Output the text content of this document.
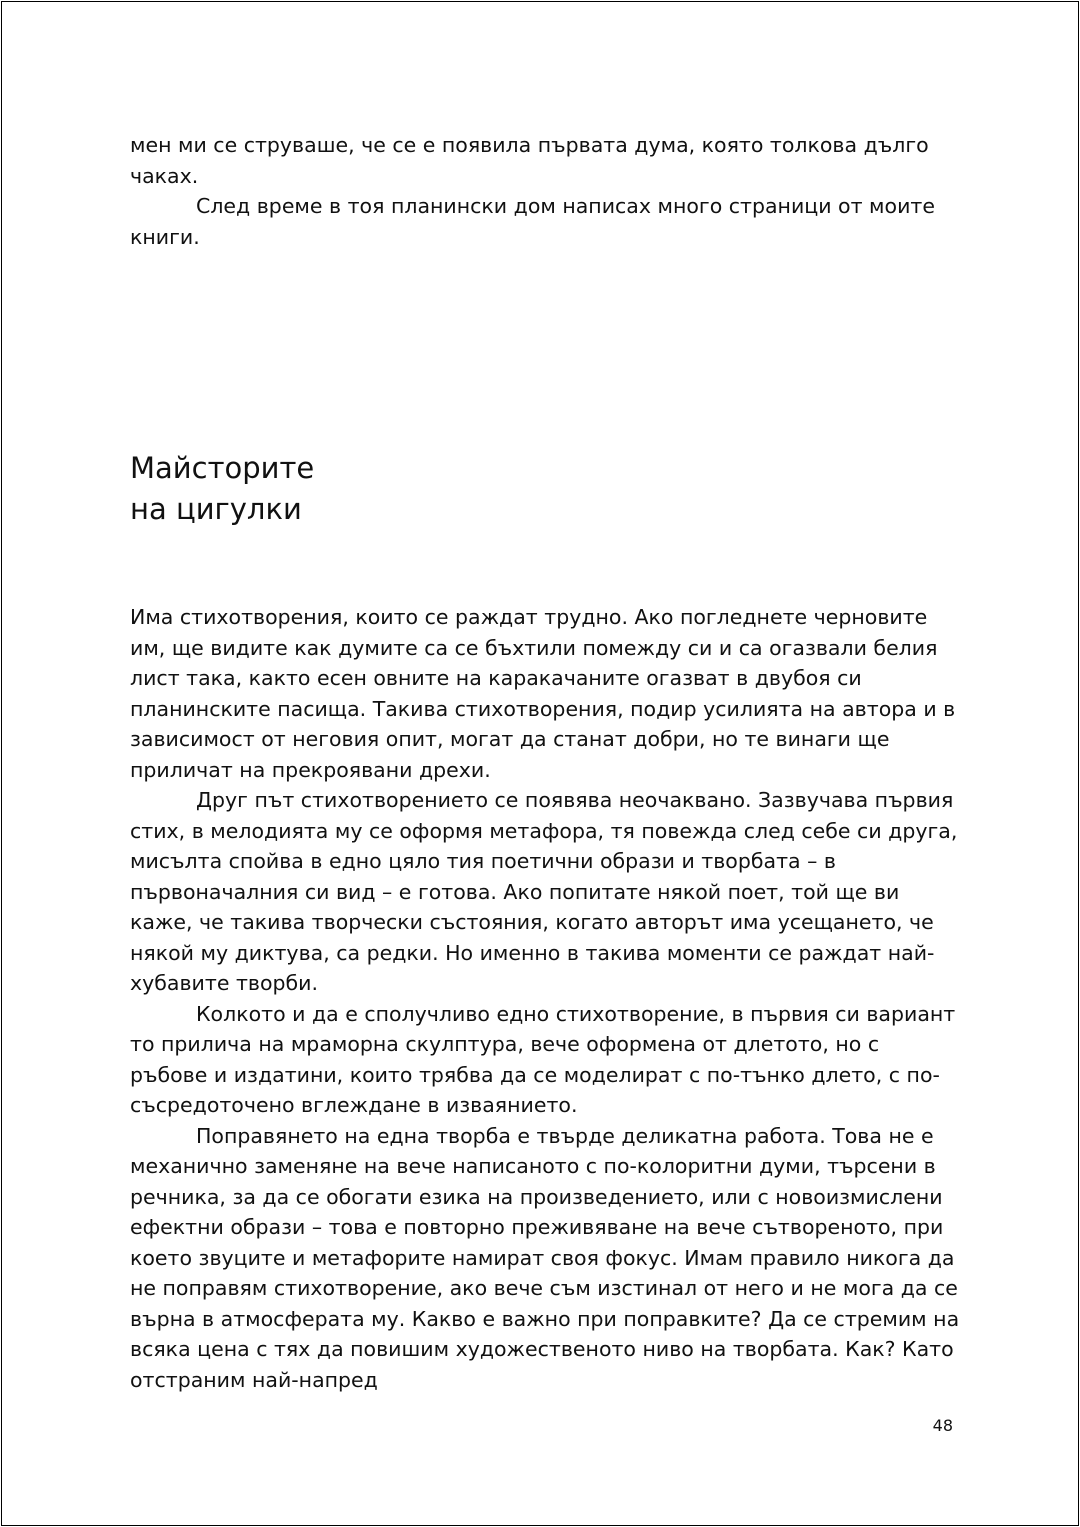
мен ми се струваше, че се е появила първата дума, която толкова дълго чаках.

След време в тоя планински дом написах много страници от моите книги.

Майсторите
на цигулки

Има стихотворения, които се раждат трудно. Ако погледнете черновите им, ще видите как думите са се бъхтили помежду си и са огазвали белия лист така, както есен овните на каракачаните огазват в двубоя си планинските пасища. Такива стихотворения, подир усилията на автора и в зависимост от неговия опит, могат да станат добри, но те винаги ще приличат на прекроявани дрехи.

Друг път стихотворението се появява неочаквано. Зазвучава първия стих, в мелодията му се оформя метафора, тя повежда след себе си друга, мисълта спойва в едно цяло тия поетични образи и творбата – в първоначалния си вид – е готова. Ако попитате някой поет, той ще ви каже, че такива творчески състояния, когато авторът има усещането, че някой му диктува, са редки. Но именно в такива моменти се раждат най-хубавите творби.

Колкото и да е сполучливо едно стихотворение, в първия си вариант то прилича на мраморна скулптура, вече оформена от длетото, но с ръбове и издатини, които трябва да се моделират с по-тънко длето, с по-съсредоточено вглеждане в изваянието.

Поправянето на една творба е твърде деликатна работа. Това не е механично заменяне на вече написаното с по-колоритни думи, търсени в речника, за да се обогати езика на произведението, или с новоизмислени ефектни образи – това е повторно преживяване на вече сътвореното, при което звуците и метафорите намират своя фокус. Имам правило никога да не поправям стихотворение, ако вече съм изстинал от него и не мога да се върна в атмосферата му. Какво е важно при поправките? Да се стремим на всяка цена с тях да повишим художественото ниво на творбата. Как? Като отстраним най-напред

48
